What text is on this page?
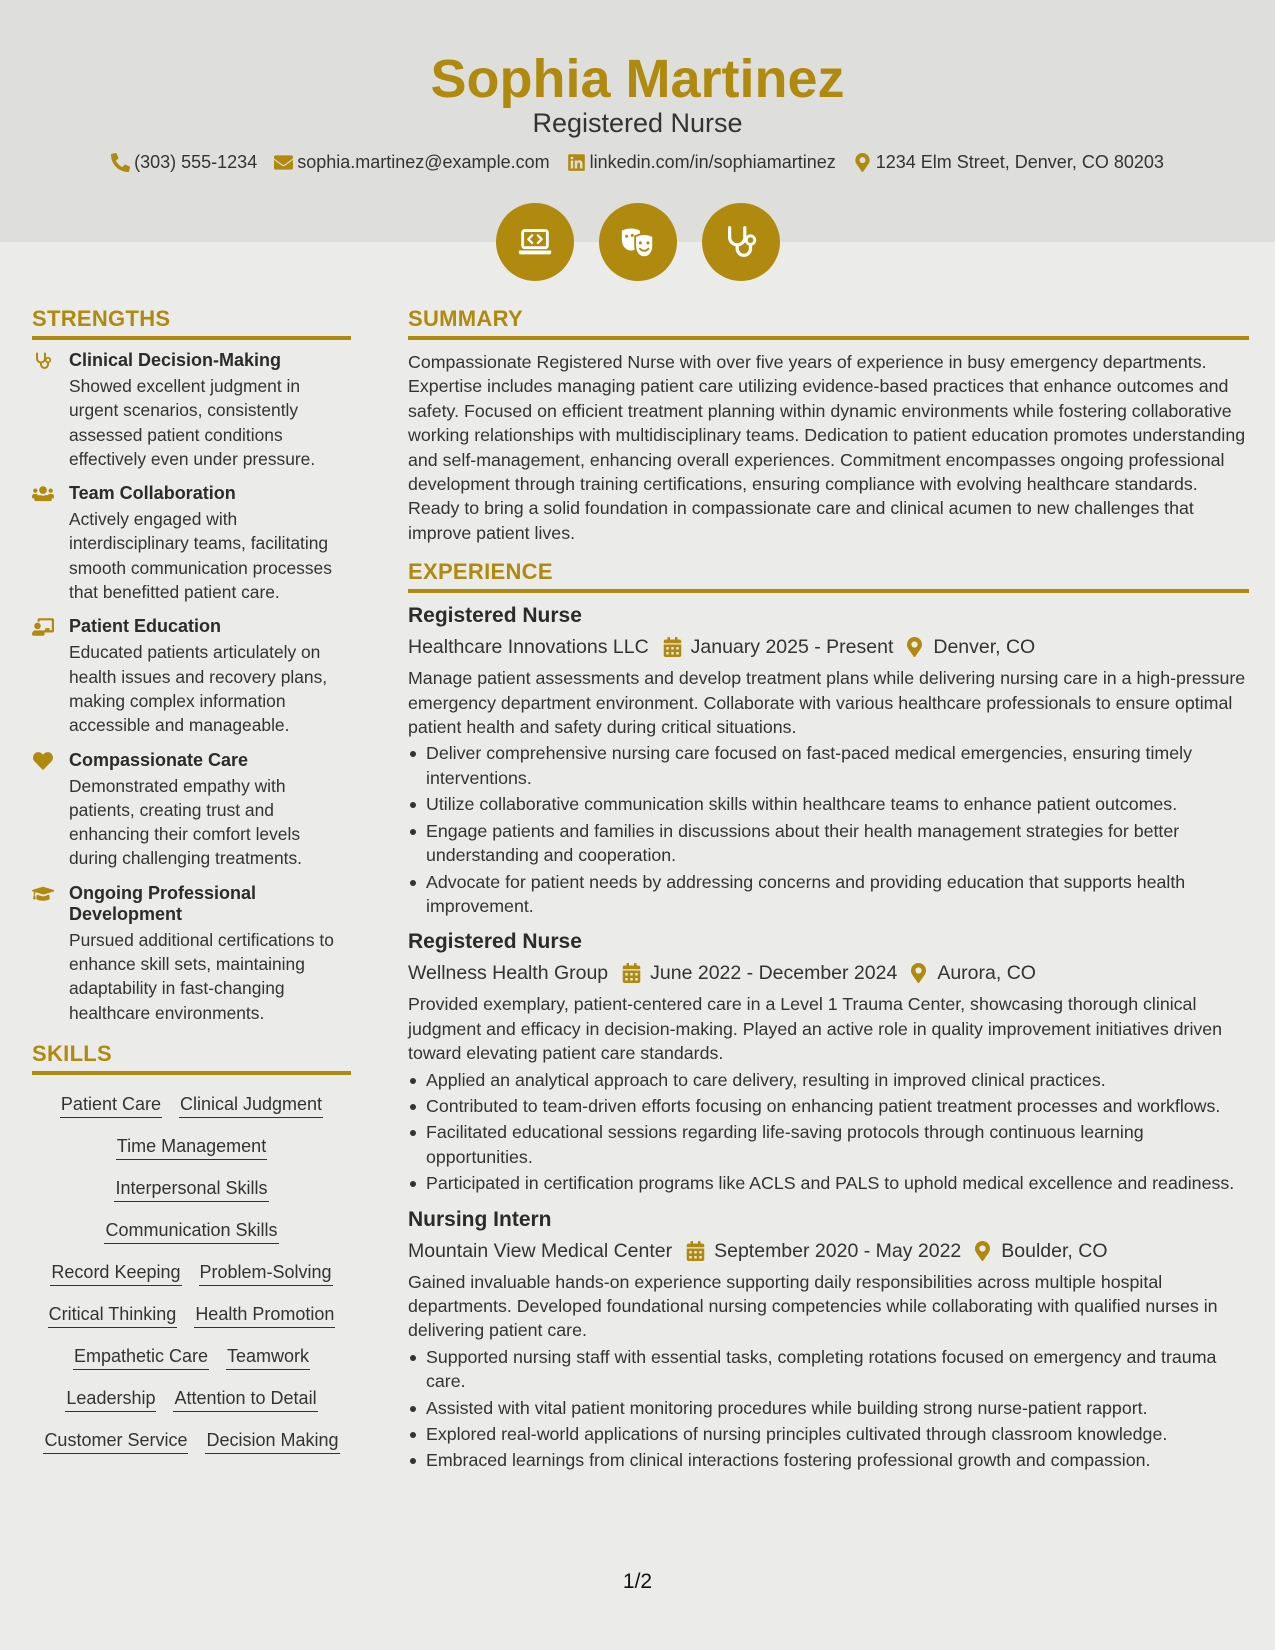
Sophia Martinez
Registered Nurse
(303) 555-1234 sophia.martinez@example.com linkedin.com/in/sophiamartinez 1234 Elm Street, Denver, CO 80203
STRENGTHS
Clinical Decision-Making
Showed excellent judgment in urgent scenarios, consistently assessed patient conditions effectively even under pressure.
Team Collaboration
Actively engaged with interdisciplinary teams, facilitating smooth communication processes that benefitted patient care.
Patient Education
Educated patients articulately on health issues and recovery plans, making complex information accessible and manageable.
Compassionate Care
Demonstrated empathy with patients, creating trust and enhancing their comfort levels during challenging treatments.
Ongoing Professional Development
Pursued additional certifications to enhance skill sets, maintaining adaptability in fast-changing healthcare environments.
SKILLS
Patient Care Clinical Judgment
Time Management
Interpersonal Skills
Communication Skills
Record Keeping Problem-Solving
Critical Thinking Health Promotion
Empathetic Care Teamwork
Leadership Attention to Detail
Customer Service Decision Making
SUMMARY

Compassionate Registered Nurse with over five years of experience in busy emergency departments. Expertise includes managing patient care utilizing evidence-based practices that enhance outcomes and safety. Focused on efficient treatment planning within dynamic environments while fostering collaborative working relationships with multidisciplinary teams. Dedication to patient education promotes understanding and self-management, enhancing overall experiences. Commitment encompasses ongoing professional development through training certifications, ensuring compliance with evolving healthcare standards. Ready to bring a solid foundation in compassionate care and clinical acumen to new challenges that improve patient lives.

EXPERIENCE
Registered Nurse
Healthcare Innovations LLC January 2025 - Present Denver, CO

Manage patient assessments and develop treatment plans while delivering nursing care in a high-pressure emergency department environment. Collaborate with various healthcare professionals to ensure optimal patient health and safety during critical situations.

Deliver comprehensive nursing care focused on fast-paced medical emergencies, ensuring timely interventions.
Utilize collaborative communication skills within healthcare teams to enhance patient outcomes.
Engage patients and families in discussions about their health management strategies for better understanding and cooperation.
Advocate for patient needs by addressing concerns and providing education that supports health improvement.
Registered Nurse
Wellness Health Group June 2022 - December 2024 Aurora, CO

Provided exemplary, patient-centered care in a Level 1 Trauma Center, showcasing thorough clinical judgment and efficacy in decision-making. Played an active role in quality improvement initiatives driven toward elevating patient care standards.

Applied an analytical approach to care delivery, resulting in improved clinical practices.
Contributed to team-driven efforts focusing on enhancing patient treatment processes and workflows.
Facilitated educational sessions regarding life-saving protocols through continuous learning opportunities.
Participated in certification programs like ACLS and PALS to uphold medical excellence and readiness.
Nursing Intern
Mountain View Medical Center September 2020 - May 2022 Boulder, CO

Gained invaluable hands-on experience supporting daily responsibilities across multiple hospital departments. Developed foundational nursing competencies while collaborating with qualified nurses in delivering patient care.

Supported nursing staff with essential tasks, completing rotations focused on emergency and trauma care.
Assisted with vital patient monitoring procedures while building strong nurse-patient rapport.
Explored real-world applications of nursing principles cultivated through classroom knowledge.
Embraced learnings from clinical interactions fostering professional growth and compassion.
1/2
